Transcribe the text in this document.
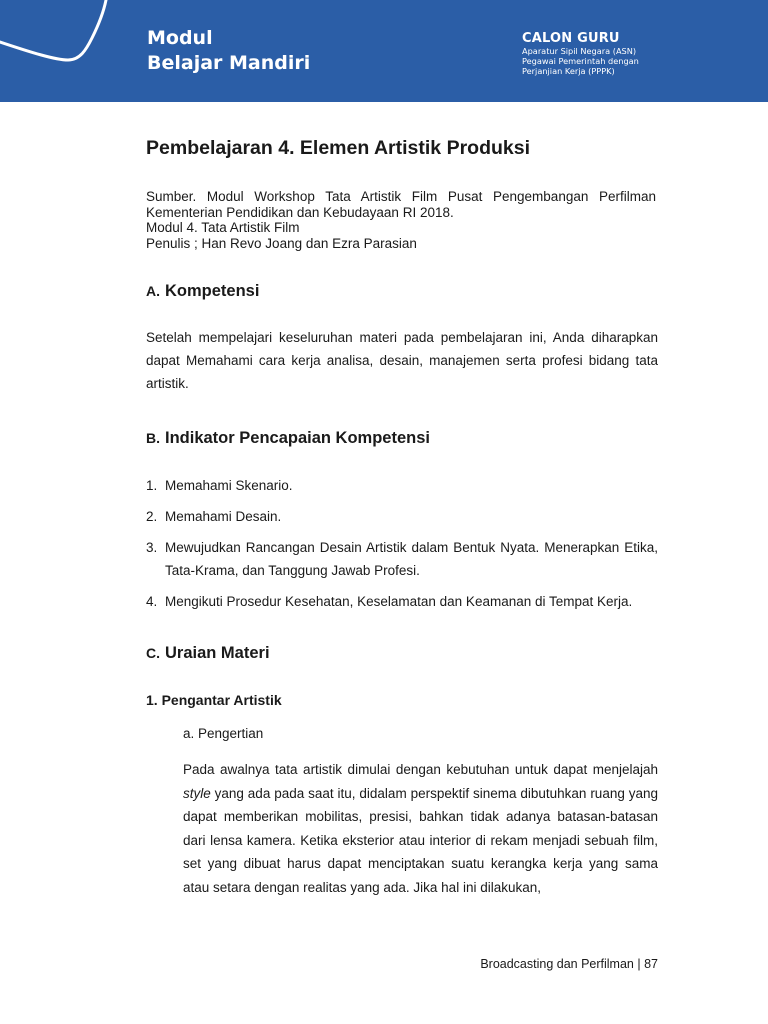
Modul
Belajar Mandiri
CALON GURU
Aparatur Sipil Negara (ASN)
Pegawai Pemerintah dengan
Perjanjian Kerja (PPPK)
Pembelajaran 4. Elemen Artistik Produksi
Sumber. Modul Workshop Tata Artistik Film Pusat Pengembangan Perfilman
Kementerian Pendidikan dan Kebudayaan RI 2018.
Modul 4. Tata Artistik Film
Penulis ; Han Revo Joang dan Ezra Parasian
A. Kompetensi
Setelah mempelajari keseluruhan materi pada pembelajaran ini, Anda diharapkan dapat Memahami cara kerja analisa, desain, manajemen serta profesi bidang tata artistik.
B. Indikator Pencapaian Kompetensi
1. Memahami Skenario.
2. Memahami Desain.
3. Mewujudkan Rancangan Desain Artistik dalam Bentuk Nyata. Menerapkan Etika, Tata-Krama, dan Tanggung Jawab Profesi.
4. Mengikuti Prosedur Kesehatan, Keselamatan dan Keamanan di Tempat Kerja.
C. Uraian Materi
1. Pengantar Artistik
a. Pengertian
Pada awalnya tata artistik dimulai dengan kebutuhan untuk dapat menjelajah style yang ada pada saat itu, didalam perspektif sinema dibutuhkan ruang yang dapat memberikan mobilitas, presisi, bahkan tidak adanya batasan-batasan dari lensa kamera. Ketika eksterior atau interior di rekam menjadi sebuah film, set yang dibuat harus dapat menciptakan suatu kerangka kerja yang sama atau setara dengan realitas yang ada. Jika hal ini dilakukan,
Broadcasting dan Perfilman | 87
